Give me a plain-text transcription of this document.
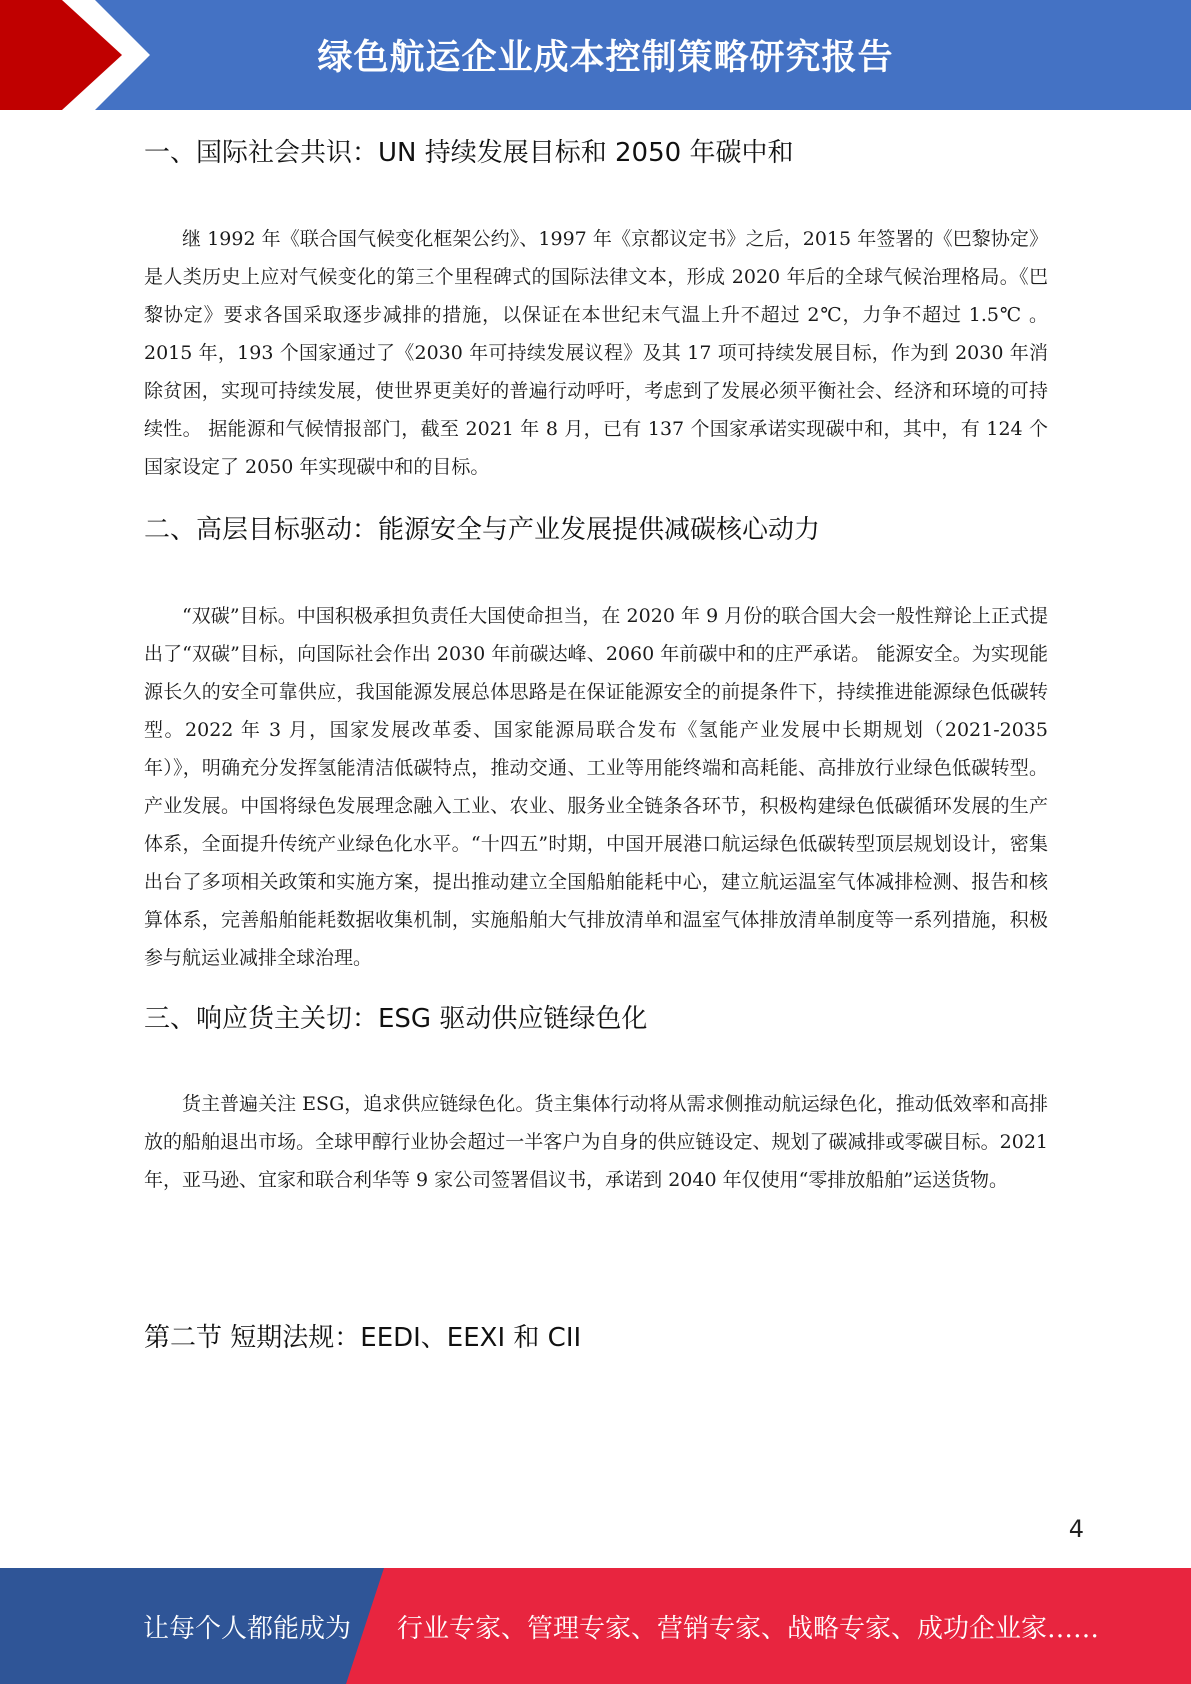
绿色航运企业成本控制策略研究报告
一、国际社会共识：UN 持续发展目标和 2050 年碳中和

继 1992 年《联合国气候变化框架公约》、1997 年《京都议定书》之后，2015 年签署的《巴黎协定》是人类历史上应对气候变化的第三个里程碑式的国际法律文本，形成 2020 年后的全球气候治理格局。《巴黎协定》要求各国采取逐步减排的措施，以保证在本世纪末气温上升不超过 2℃，力争不超过 1.5℃ 。 2015 年，193 个国家通过了《2030 年可持续发展议程》及其 17 项可持续发展目标，作为到 2030 年消除贫困，实现可持续发展，使世界更美好的普遍行动呼吁，考虑到了发展必须平衡社会、经济和环境的可持续性。 据能源和气候情报部门，截至 2021 年 8 月，已有 137 个国家承诺实现碳中和，其中，有 124 个国家设定了 2050 年实现碳中和的目标。

二、高层目标驱动：能源安全与产业发展提供减碳核心动力

“双碳”目标。中国积极承担负责任大国使命担当，在 2020 年 9 月份的联合国大会一般性辩论上正式提出了“双碳”目标，向国际社会作出 2030 年前碳达峰、2060 年前碳中和的庄严承诺。 能源安全。为实现能源长久的安全可靠供应，我国能源发展总体思路是在保证能源安全的前提条件下，持续推进能源绿色低碳转型。2022 年 3 月，国家发展改革委、国家能源局联合发布《氢能产业发展中长期规划（2021-2035 年）》，明确充分发挥氢能清洁低碳特点，推动交通、工业等用能终端和高耗能、高排放行业绿色低碳转型。 产业发展。中国将绿色发展理念融入工业、农业、服务业全链条各环节，积极构建绿色低碳循环发展的生产体系，全面提升传统产业绿色化水平。“十四五”时期，中国开展港口航运绿色低碳转型顶层规划设计，密集出台了多项相关政策和实施方案，提出推动建立全国船舶能耗中心，建立航运温室气体减排检测、报告和核算体系，完善船舶能耗数据收集机制，实施船舶大气排放清单和温室气体排放清单制度等一系列措施，积极参与航运业减排全球治理。

三、响应货主关切：ESG 驱动供应链绿色化

货主普遍关注 ESG，追求供应链绿色化。货主集体行动将从需求侧推动航运绿色化，推动低效率和高排放的船舶退出市场。全球甲醇行业协会超过一半客户为自身的供应链设定、规划了碳减排或零碳目标。2021 年，亚马逊、宜家和联合利华等 9 家公司签署倡议书，承诺到 2040 年仅使用“零排放船舶”运送货物。

第二节 短期法规：EEDI、EEXI 和 CII
4
让每个人都能成为 行业专家、管理专家、营销专家、战略专家、成功企业家……
